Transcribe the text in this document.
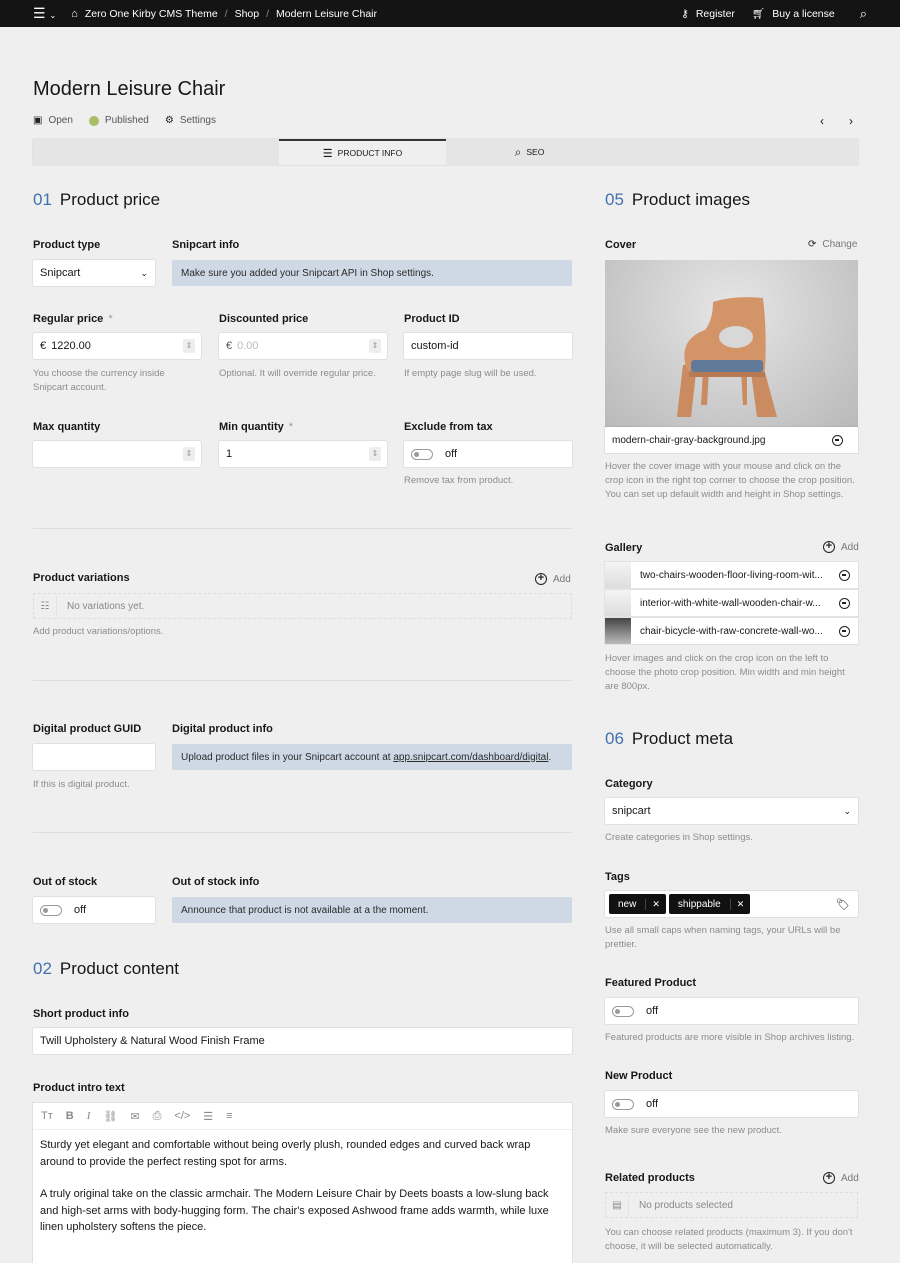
☰ ⌄ ⌂ Zero One Kirby CMS Theme / Shop / Modern Leisure Chair	⚷ Register 🛒︎ Buy a license ⌕
Modern Leisure Chair
▣ Open	Published ⚙ Settings	‹ ›
☰ PRODUCT INFO	⌕ SEO
01 Product price
Product type
Snipcart	⌄
Snipcart info
Make sure you added your Snipcart API in Shop settings.
Regular price *
€ 1220.00	⇕
You choose the currency inside Snipcart account.
Discounted price
€ 0.00	⇕
Optional. It will override regular price.
Product ID
custom-id
If empty page slug will be used.
Max quantity
⇕
Min quantity *
1	⇕
Exclude from tax
off
Remove tax from product.
Product variations	+ Add
☷	No variations yet.
Add product variations/options.
Digital product GUID
If this is digital product.
Digital product info
Upload product files in your Snipcart account at app.snipcart.com/dashboard/digital .
Out of stock
off
Out of stock info
Announce that product is not available at a the moment.
02 Product content
Short product info
Twill Upholstery & Natural Wood Finish Frame
Product intro text
Tт B I ⛓ ✉ ⎙ </> ☰ ≡

Sturdy yet elegant and comfortable without being overly plush, rounded edges and curved back wrap around to provide the perfect resting spot for arms.

A truly original take on the classic armchair. The Modern Leisure Chair by Deets boasts a low-slung back and high-set arms with body-hugging form. The chair's exposed Ashwood frame adds warmth, while luxe linen upholstery softens the piece.

05 Product images
Cover	⟳ Change
modern-chair-gray-background.jpg
Hover the cover image with your mouse and click on the crop icon in the right top corner to choose the crop position. You can set up default width and height in Shop settings.
Gallery	+ Add
two-chairs-wooden-floor-living-room-wit...
interior-with-white-wall-wooden-chair-w...
chair-bicycle-with-raw-concrete-wall-wo...
Hover images and click on the crop icon on the left to choose the photo crop position. Min width and min height are 800px.
06 Product meta
Category
snipcart	⌄
Create categories in Shop settings.
Tags
new	✕	shippable	✕	🏷︎
Use all small caps when naming tags, your URLs will be prettier.
Featured Product
off
Featured products are more visible in Shop archives listing.
New Product
off
Make sure everyone see the new product.
Related products	+ Add
▤	No products selected
You can choose related products (maximum 3). If you don't choose, it will be selected automatically.
